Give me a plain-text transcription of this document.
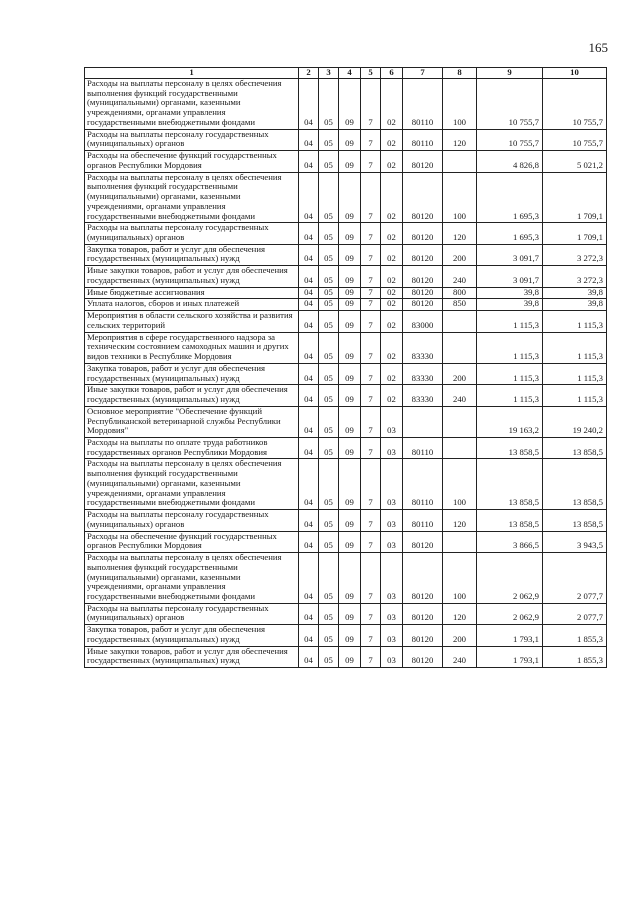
165
1	2	3	4	5	6	7	8	9	10
Расходы на выплаты персоналу в целях обеспечения выполнения функций государственными (муниципальными) органами, казенными учреждениями, органами управления государственными внебюджетными фондами	04	05	09	7	02	80110	100	10 755,7	10 755,7
Расходы на выплаты персоналу государственных (муниципальных) органов	04	05	09	7	02	80110	120	10 755,7	10 755,7
Расходы на обеспечение функций государственных органов Республики Мордовия	04	05	09	7	02	80120		4 826,8	5 021,2
Расходы на выплаты персоналу в целях обеспечения выполнения функций государственными (муниципальными) органами, казенными учреждениями, органами управления государственными внебюджетными фондами	04	05	09	7	02	80120	100	1 695,3	1 709,1
Расходы на выплаты персоналу государственных (муниципальных) органов	04	05	09	7	02	80120	120	1 695,3	1 709,1
Закупка товаров, работ и услуг для обеспечения государственных (муниципальных) нужд	04	05	09	7	02	80120	200	3 091,7	3 272,3
Иные закупки товаров, работ и услуг для обеспечения государственных (муниципальных) нужд	04	05	09	7	02	80120	240	3 091,7	3 272,3
Иные бюджетные ассигнования	04	05	09	7	02	80120	800	39,8	39,8
Уплата налогов, сборов и иных платежей	04	05	09	7	02	80120	850	39,8	39,8
Мероприятия в области сельского хозяйства и развития сельских территорий	04	05	09	7	02	83000		1 115,3	1 115,3
Мероприятия в сфере государственного надзора за техническим состоянием самоходных машин и других видов техники в Республике Мордовия	04	05	09	7	02	83330		1 115,3	1 115,3
Закупка товаров, работ и услуг для обеспечения государственных (муниципальных) нужд	04	05	09	7	02	83330	200	1 115,3	1 115,3
Иные закупки товаров, работ и услуг для обеспечения государственных (муниципальных) нужд	04	05	09	7	02	83330	240	1 115,3	1 115,3
Основное мероприятие "Обеспечение функций Республиканской ветеринарной службы Республики Мордовия"	04	05	09	7	03			19 163,2	19 240,2
Расходы на выплаты по оплате труда работников государственных органов Республики Мордовия	04	05	09	7	03	80110		13 858,5	13 858,5
Расходы на выплаты персоналу в целях обеспечения выполнения функций государственными (муниципальными) органами, казенными учреждениями, органами управления государственными внебюджетными фондами	04	05	09	7	03	80110	100	13 858,5	13 858,5
Расходы на выплаты персоналу государственных (муниципальных) органов	04	05	09	7	03	80110	120	13 858,5	13 858,5
Расходы на обеспечение функций государственных органов Республики Мордовия	04	05	09	7	03	80120		3 866,5	3 943,5
Расходы на выплаты персоналу в целях обеспечения выполнения функций государственными (муниципальными) органами, казенными учреждениями, органами управления государственными внебюджетными фондами	04	05	09	7	03	80120	100	2 062,9	2 077,7
Расходы на выплаты персоналу государственных (муниципальных) органов	04	05	09	7	03	80120	120	2 062,9	2 077,7
Закупка товаров, работ и услуг для обеспечения государственных (муниципальных) нужд	04	05	09	7	03	80120	200	1 793,1	1 855,3
Иные закупки товаров, работ и услуг для обеспечения государственных (муниципальных) нужд	04	05	09	7	03	80120	240	1 793,1	1 855,3
